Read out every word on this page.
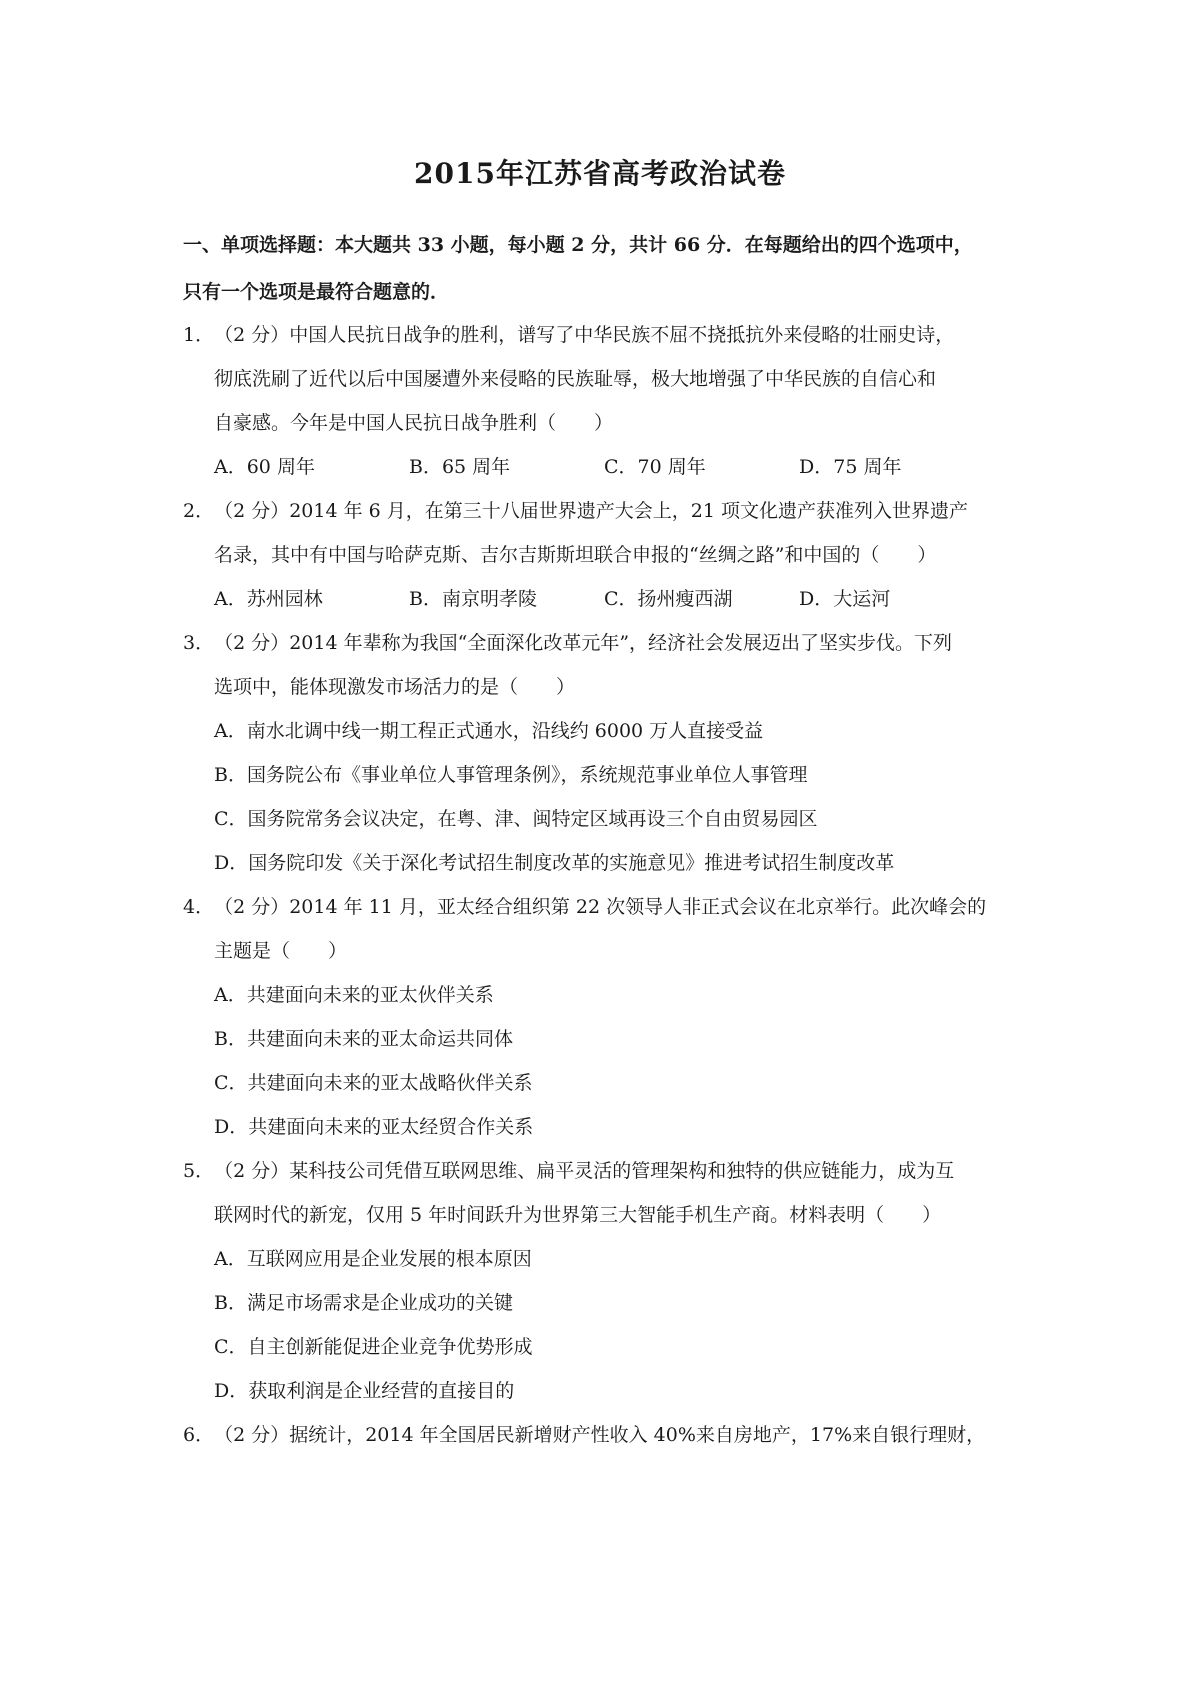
2015年江苏省高考政治试卷
一、单项选择题：本大题共 33 小题，每小题 2 分，共计 66 分．在每题给出的四个选项中，
只有一个选项是最符合题意的．
1．（2 分）中国人民抗日战争的胜利，谱写了中华民族不屈不挠抵抗外来侵略的壮丽史诗，
彻底洗刷了近代以后中国屡遭外来侵略的民族耻辱，极大地增强了中华民族的自信心和
自豪感。今年是中国人民抗日战争胜利（　　）
A．60 周年	B．65 周年	C．70 周年	D．75 周年
2．（2 分）2014 年 6 月，在第三十八届世界遗产大会上，21 项文化遗产获准列入世界遗产
名录，其中有中国与哈萨克斯、吉尔吉斯斯坦联合申报的“丝绸之路”和中国的（　　）
A．苏州园林	B．南京明孝陵	C．扬州瘦西湖	D．大运河
3．（2 分）2014 年辈称为我国“全面深化改革元年”，经济社会发展迈出了坚实步伐。下列
选项中，能体现激发市场活力的是（　　）
A．南水北调中线一期工程正式通水，沿线约 6000 万人直接受益
B．国务院公布《事业单位人事管理条例》，系统规范事业单位人事管理
C．国务院常务会议决定，在粤、津、闽特定区域再设三个自由贸易园区
D．国务院印发《关于深化考试招生制度改革的实施意见》推进考试招生制度改革
4．（2 分）2014 年 11 月，亚太经合组织第 22 次领导人非正式会议在北京举行。此次峰会的
主题是（　　）
A．共建面向未来的亚太伙伴关系
B．共建面向未来的亚太命运共同体
C．共建面向未来的亚太战略伙伴关系
D．共建面向未来的亚太经贸合作关系
5．（2 分）某科技公司凭借互联网思维、扁平灵活的管理架构和独特的供应链能力，成为互
联网时代的新宠，仅用 5 年时间跃升为世界第三大智能手机生产商。材料表明（　　）
A．互联网应用是企业发展的根本原因
B．满足市场需求是企业成功的关键
C．自主创新能促进企业竞争优势形成
D．获取利润是企业经营的直接目的
6．（2 分）据统计，2014 年全国居民新增财产性收入 40%来自房地产，17%来自银行理财，
